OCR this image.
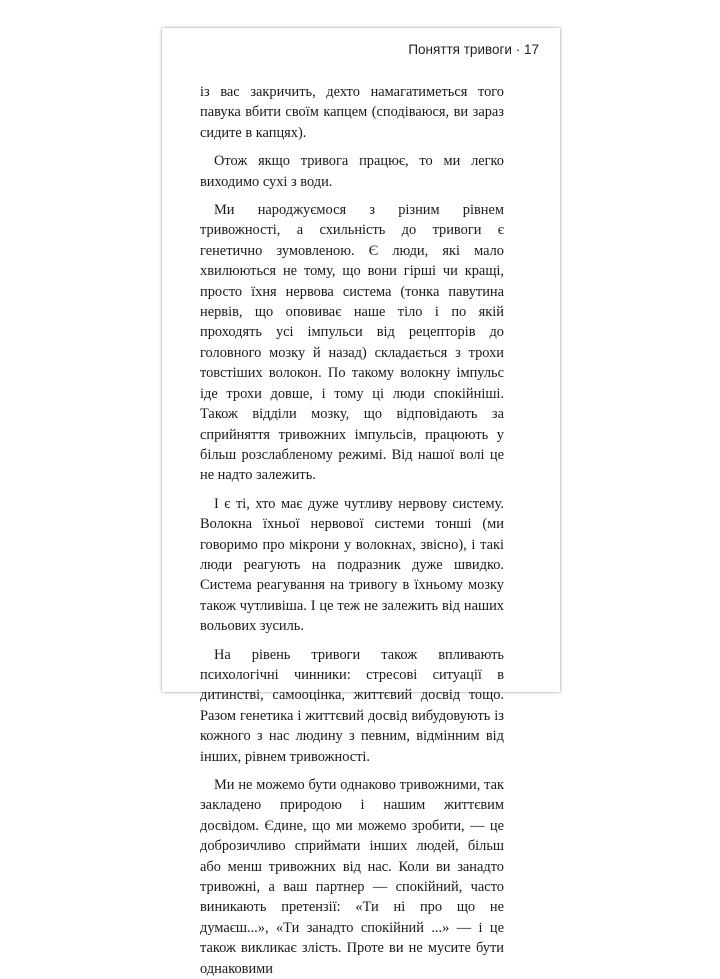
Поняття тривоги · 17

із вас закричить, дехто намагатиметься того павука вбити своїм капцем (сподіваюся, ви зараз сидите в капцях).

Отож якщо тривога працює, то ми легко виходимо сухі з води.

Ми народжуємося з різним рівнем тривожності, а схильність до тривоги є генетично зумовленою. Є люди, які мало хвилюються не тому, що вони гірші чи кращі, просто їхня нервова система (тонка павутина нервів, що оповиває наше тіло і по якій проходять усі імпульси від рецепторів до головного мозку й назад) складається з трохи товстіших волокон. По такому волокну імпульс іде трохи довше, і тому ці люди спокійніші. Також відділи мозку, що відповідають за сприйняття тривожних імпульсів, працюють у більш розслабленому режимі. Від нашої волі це не надто залежить.

І є ті, хто має дуже чутливу нервову систему. Волокна їхньої нервової системи тонші (ми говоримо про мікрони у волокнах, звісно), і такі люди реагують на подразник дуже швидко. Система реагування на тривогу в їхньому мозку також чутливіша. І це теж не залежить від наших вольових зусиль.

На рівень тривоги також впливають психологічні чинники: стресові ситуації в дитинстві, самооцінка, життєвий досвід тощо. Разом генетика і життєвий досвід вибудовують із кожного з нас людину з певним, відмінним від інших, рівнем тривожності.

Ми не можемо бути однаково тривожними, так закладено природою і нашим життєвим досвідом. Єдине, що ми можемо зробити, — це доброзичливо сприймати інших людей, більш або менш тривожних від нас. Коли ви занадто тривожні, а ваш партнер — спокійний, часто виникають претензії: «Ти ні про що не думаєш...», «Ти занадто спокійний ...» — і це також викликає злість. Проте ви не мусите бути однаковими
